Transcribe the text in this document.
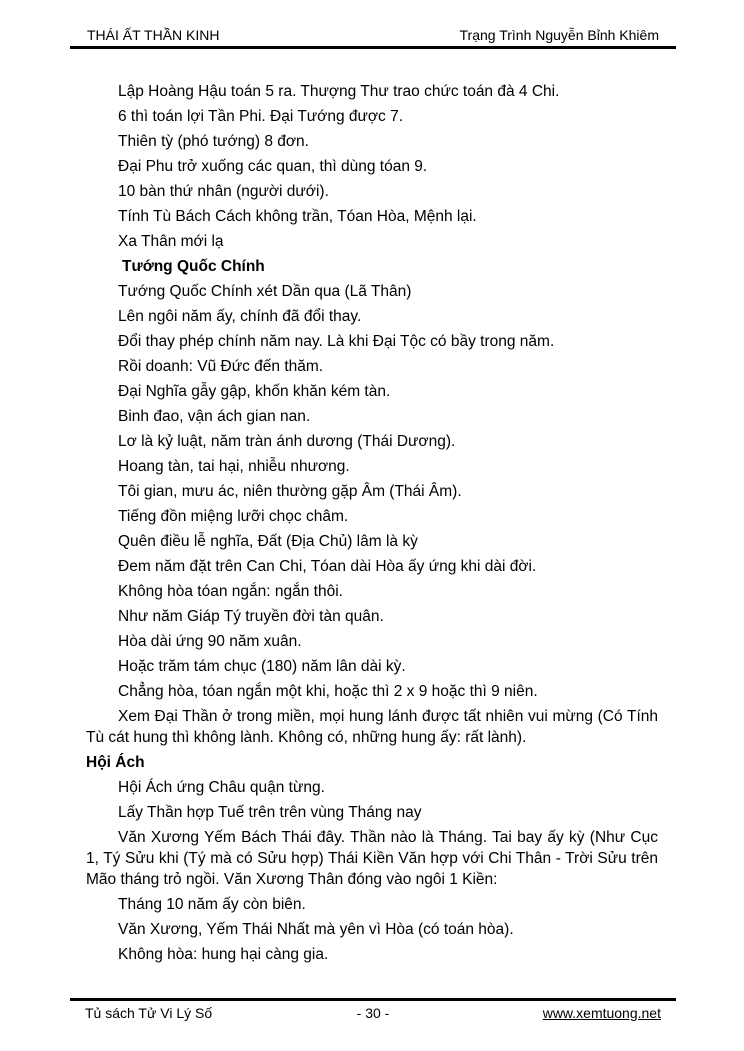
THÁI ẤT THẦN KINH	Trạng Trình Nguyễn Bỉnh Khiêm

Lập Hoàng Hậu toán 5 ra. Thượng Thư trao chức toán đà 4 Chi.

6 thì toán lợi Tần Phi. Đại Tướng được 7.

Thiên tỳ (phó tướng) 8 đơn.

Đại Phu trở xuống các quan, thì dùng tóan 9.

10 bàn thứ nhân (người dưới).

Tính Tù Bách Cách không trần, Tóan Hòa, Mệnh lại.

Xa Thân mới lạ

Tướng Quốc Chính

Tướng Quốc Chính xét Dần qua (Lã Thân)

Lên ngôi năm ấy, chính đã đổi thay.

Đổi thay phép chính năm nay. Là khi Đại Tộc có bầy trong năm.

Rồi doanh: Vũ Đức đến thăm.

Đại Nghĩa gẫy gập, khốn khăn kém tàn.

Binh đao, vận ách gian nan.

Lơ là kỷ luật, năm tràn ánh dương (Thái Dương).

Hoang tàn, tai hại, nhiễu nhương.

Tôi gian, mưu ác, niên thường gặp Âm (Thái Âm).

Tiếng đồn miệng lưỡi chọc châm.

Quên điều lễ nghĩa, Đất (Địa Chủ) lâm là kỳ

Đem năm đặt trên Can Chi, Tóan dài Hòa ấy ứng khi dài đời.

Không hòa tóan ngắn: ngắn thôi.

Như năm Giáp Tý truyền đời tàn quân.

Hòa dài ứng 90 năm xuân.

Hoặc trăm tám chục (180) năm lân dài kỳ.

Chẳng hòa, tóan ngắn một khi, hoặc thì 2 x 9 hoặc thì 9 niên.

Xem Đại Thần ở trong miền, mọi hung lánh được tất nhiên vui mừng (Có Tính Tù cát hung thì không lành. Không có, những hung ấy: rất lành).

Hội Ách

Hội Ách ứng Châu quận từng.

Lấy Thần hợp Tuế trên trên vùng Tháng nay

Văn Xương Yếm Bách Thái đây. Thần nào là Tháng. Tai bay ấy kỳ (Như Cục 1, Tý Sửu khi (Tý mà có Sửu hợp) Thái Kiền Văn hợp với Chi Thân - Trời Sửu trên Mão tháng trỏ ngồi. Văn Xương Thân đóng vào ngôi 1 Kiền:

Tháng 10 năm ấy còn biên.

Văn Xương, Yếm Thái Nhất mà yên vì Hòa (có toán hòa).

Không hòa: hung hại càng gia.

Tủ sách Tử Vi Lý Số	- 30 -	www.xemtuong.net
